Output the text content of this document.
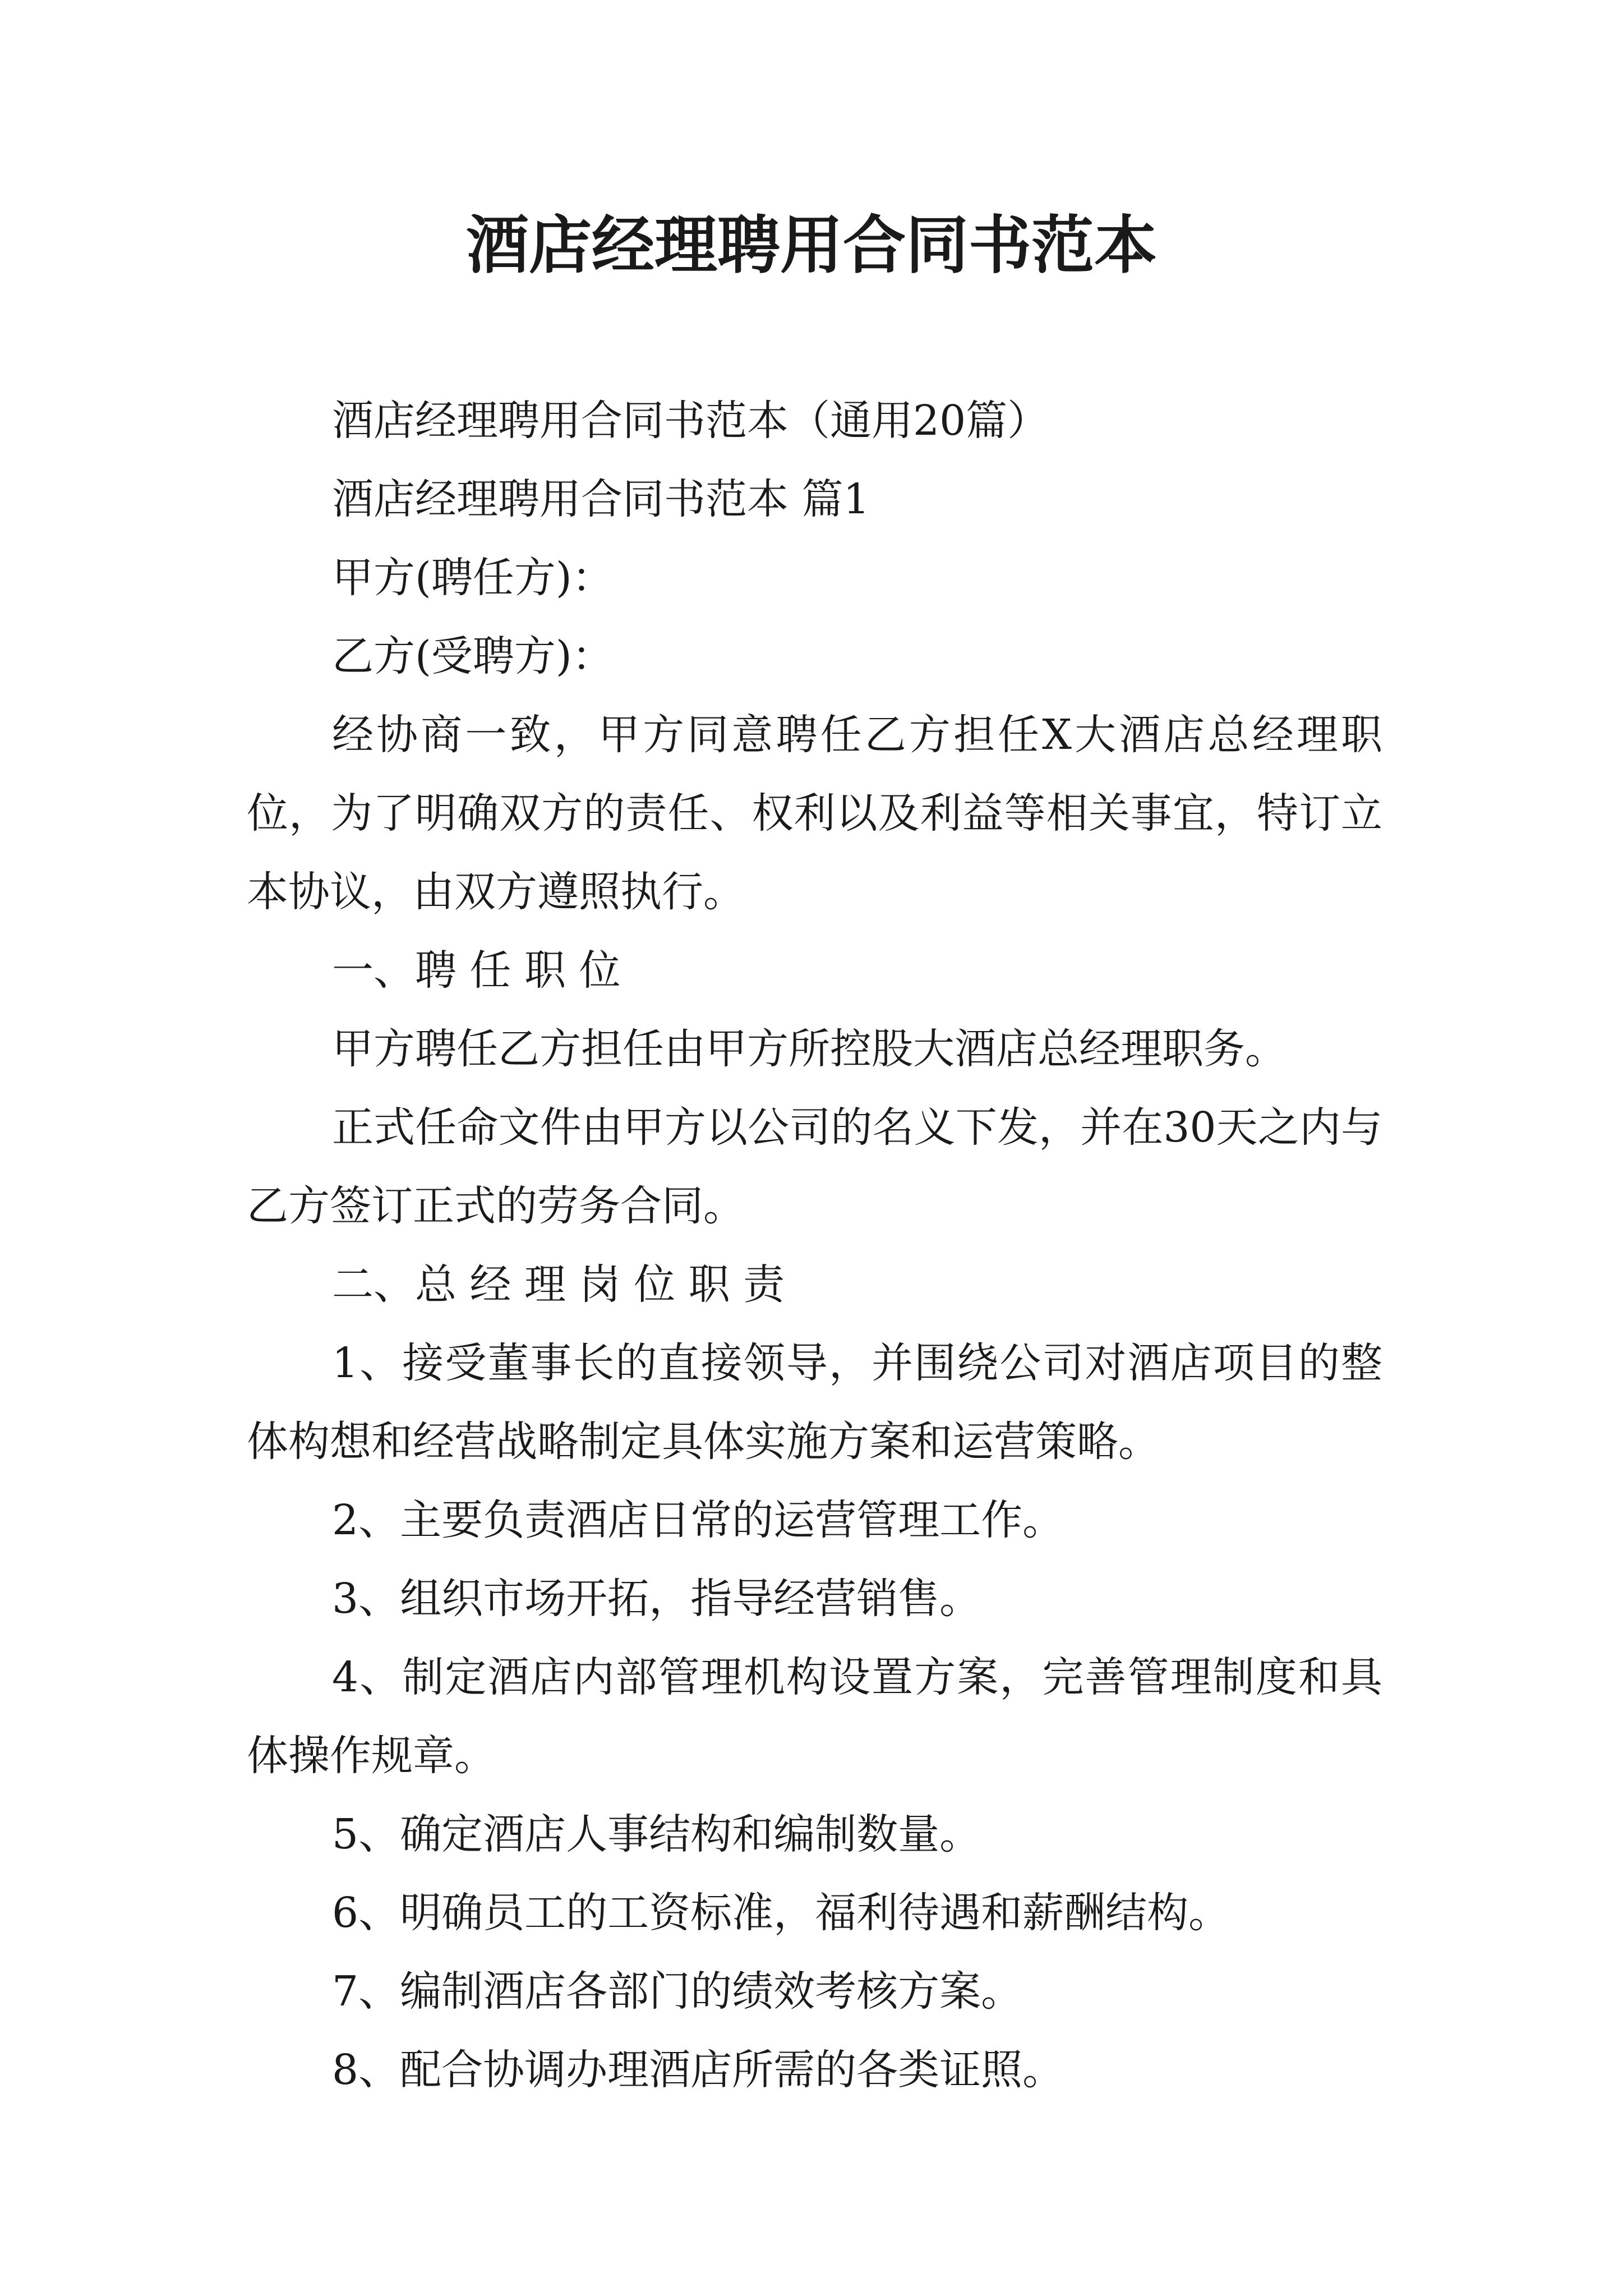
酒店经理聘用合同书范本

酒店经理聘用合同书范本（通用20篇）

酒店经理聘用合同书范本 篇1

甲方(聘任方)：

乙方(受聘方)：

经协商一致，甲方同意聘任乙方担任X大酒店总经理职位，为了明确双方的责任、权利以及利益等相关事宜，特订立本协议，由双方遵照执行。

一、聘 任 职 位

甲方聘任乙方担任由甲方所控股大酒店总经理职务。

正式任命文件由甲方以公司的名义下发，并在30天之内与乙方签订正式的劳务合同。

二、总 经 理 岗 位 职 责

1、接受董事长的直接领导，并围绕公司对酒店项目的整体构想和经营战略制定具体实施方案和运营策略。

2、主要负责酒店日常的运营管理工作。

3、组织市场开拓，指导经营销售。

4、制定酒店内部管理机构设置方案，完善管理制度和具体操作规章。

5、确定酒店人事结构和编制数量。

6、明确员工的工资标准，福利待遇和薪酬结构。

7、编制酒店各部门的绩效考核方案。

8、配合协调办理酒店所需的各类证照。
